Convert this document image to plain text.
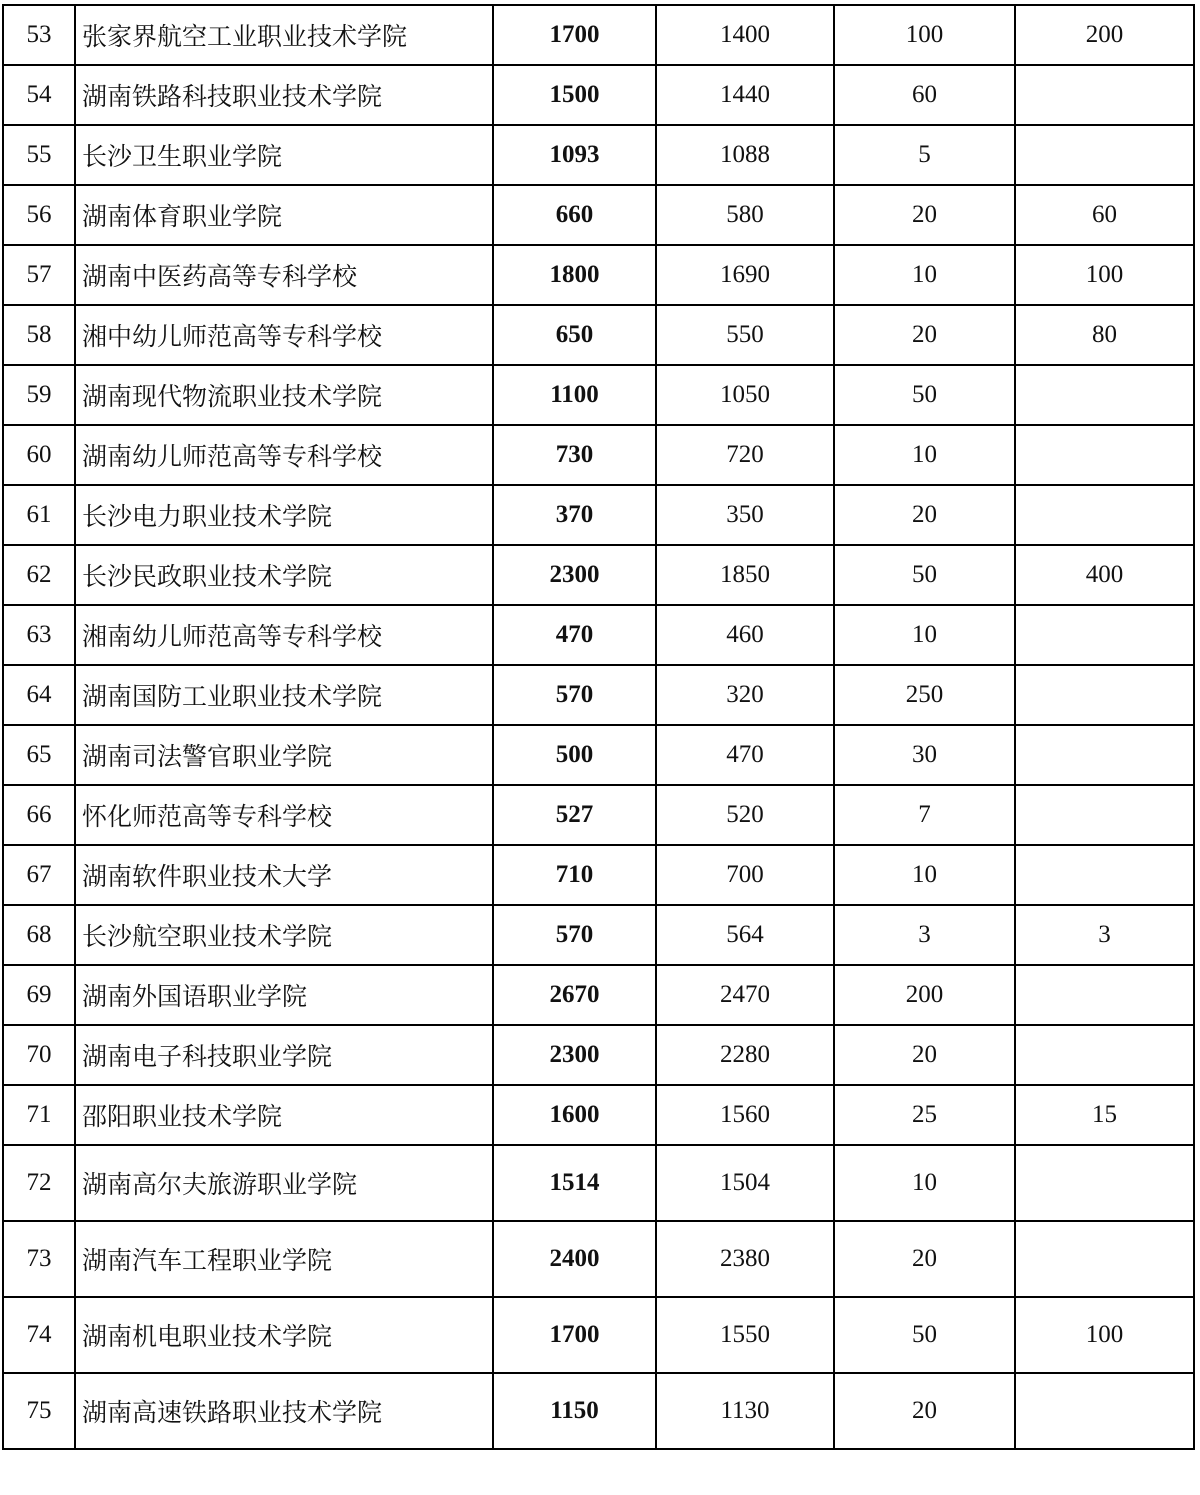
53	张家界航空工业职业技术学院	1700	1400	100	200
54	湖南铁路科技职业技术学院	1500	1440	60	
55	长沙卫生职业学院	1093	1088	5	
56	湖南体育职业学院	660	580	20	60
57	湖南中医药高等专科学校	1800	1690	10	100
58	湘中幼儿师范高等专科学校	650	550	20	80
59	湖南现代物流职业技术学院	1100	1050	50	
60	湖南幼儿师范高等专科学校	730	720	10	
61	长沙电力职业技术学院	370	350	20	
62	长沙民政职业技术学院	2300	1850	50	400
63	湘南幼儿师范高等专科学校	470	460	10	
64	湖南国防工业职业技术学院	570	320	250	
65	湖南司法警官职业学院	500	470	30	
66	怀化师范高等专科学校	527	520	7	
67	湖南软件职业技术大学	710	700	10	
68	长沙航空职业技术学院	570	564	3	3
69	湖南外国语职业学院	2670	2470	200	
70	湖南电子科技职业学院	2300	2280	20	
71	邵阳职业技术学院	1600	1560	25	15
72	湖南高尔夫旅游职业学院	1514	1504	10	
73	湖南汽车工程职业学院	2400	2380	20	
74	湖南机电职业技术学院	1700	1550	50	100
75	湖南高速铁路职业技术学院	1150	1130	20	
